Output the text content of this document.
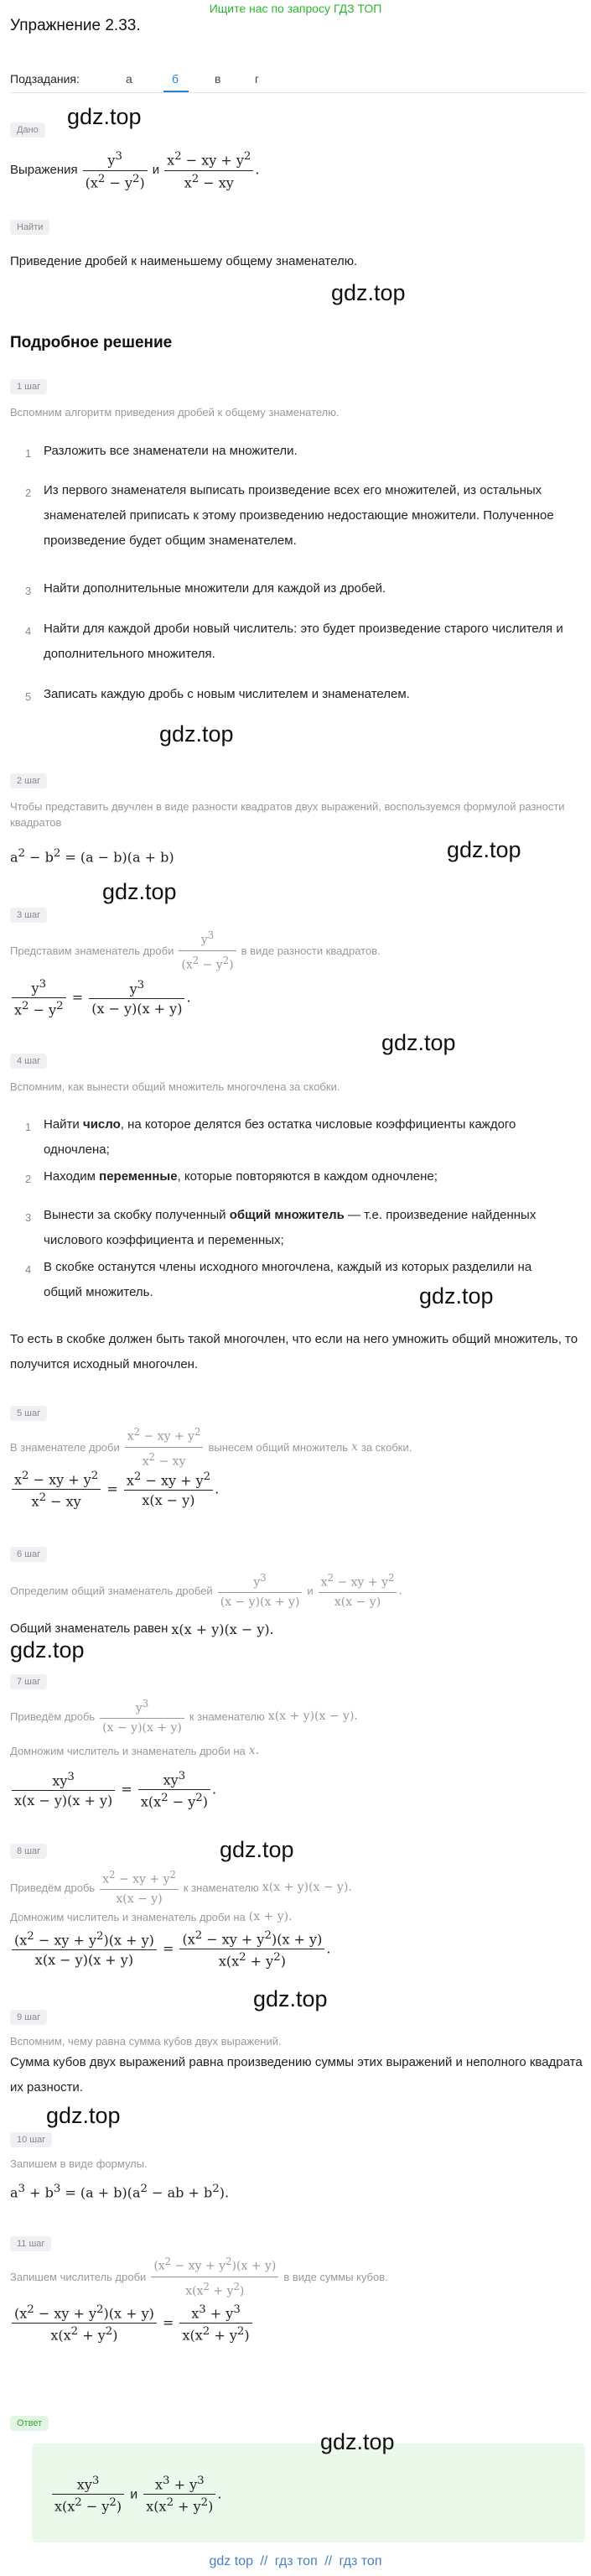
Ищите нас по запросу ГДЗ ТОП
Упражнение 2.33.
Подзадания:	а	б	в	г
Дано
gdz.top
Выражения $\frac{y^3}{(x^2 - y^2)}$ и $\frac{x^2 - xy + y^2}{x^2 - xy}$ .
Найти
Приведение дробей к наименьшему общему знаменателю.
gdz.top
Подробное решение
1 шаг
Вспомним алгоритм приведения дробей к общему знаменателю.
1 Разложить все знаменатели на множители.
2 Из первого знаменателя выписать произведение всех его множителей, из остальных знаменателей приписать к этому произведению недостающие множители. Полученное произведение будет общим знаменателем.
3 Найти дополнительные множители для каждой из дробей.
4 Найти для каждой дроби новый числитель: это будет произведение старого числителя и дополнительного множителя.
5 Записать каждую дробь с новым числителем и знаменателем.
gdz.top
2 шаг
Чтобы представить двучлен в виде разности квадратов двух выражений, воспользуемся формулой разности квадратов
gdz.top
$a^2 - b^2 = (a - b)(a + b)$
gdz.top
3 шаг
Представим знаменатель дроби $\frac{y^3}{(x^2 - y^2)}$ в виде разности квадратов.
$\frac{y^3}{x^2 - y^2} = \frac{y^3}{(x - y)(x + y)}$ .
gdz.top
4 шаг
Вспомним, как вынести общий множитель многочлена за скобки.
1 Найти число, на которое делятся без остатка числовые коэффициенты каждого одночлена;
2 Находим переменные, которые повторяются в каждом одночлене;
3 Вынести за скобку полученный общий множитель — т.е. произведение найденных числового коэффициента и переменных;
4 В скобке останутся члены исходного многочлена, каждый из которых разделили на общий множитель.	gdz.top
То есть в скобке должен быть такой многочлен, что если на него умножить общий множитель, то получится исходный многочлен.
5 шаг
В знаменателе дроби $\frac{x^2 - xy + y^2}{x^2 - xy}$ вынесем общий множитель x за скобки.
$\frac{x^2 - xy + y^2}{x^2 - xy} = \frac{x^2 - xy + y^2}{x(x - y)}$ .
6 шаг
Определим общий знаменатель дробей $\frac{y^3}{(x - y)(x + y)}$ и $\frac{x^2 - xy + y^2}{x(x - y)}$ .
Общий знаменатель равен x(x + y)(x − y).
gdz.top
7 шаг
Приведём дробь $\frac{y^3}{(x - y)(x + y)}$ к знаменателю x(x + y)(x − y).
Домножим числитель и знаменатель дроби на x.
$\frac{xy^3}{x(x - y)(x + y)} = \frac{xy^3}{x(x^2 - y^2)}$ .
8 шаг	gdz.top
Приведём дробь $\frac{x^2 - xy + y^2}{x(x - y)}$ к знаменателю x(x + y)(x − y).
Домножим числитель и знаменатель дроби на (x + y).
$\frac{(x^2 - xy + y^2)(x + y)}{x(x - y)(x + y)} = \frac{(x^2 - xy + y^2)(x + y)}{x(x^2 + y^2)}$ .
gdz.top
9 шаг
Вспомним, чему равна сумма кубов двух выражений.
Сумма кубов двух выражений равна произведению суммы этих выражений и неполного квадрата их разности.
gdz.top
10 шаг
Запишем в виде формулы.
$a^3 + b^3 = (a + b)(a^2$ − ab + $b^2$).
11 шаг
Запишем числитель дроби $\frac{(x^2 - xy + y^2)(x + y)}{x(x^2 + y^2)}$ в виде суммы кубов.
$\frac{(x^2 - xy + y^2)(x + y)}{x(x^2 + y^2)} = \frac{x^3 + y^3}{x(x^2 + y^2)}$
Ответ
gdz.top
$\frac{xy^3}{x(x^2 - y^2)}$ и $\frac{x^3 + y^3}{x(x^2 + y^2)}$ .
gdz top // гдз топ // гдз топ
